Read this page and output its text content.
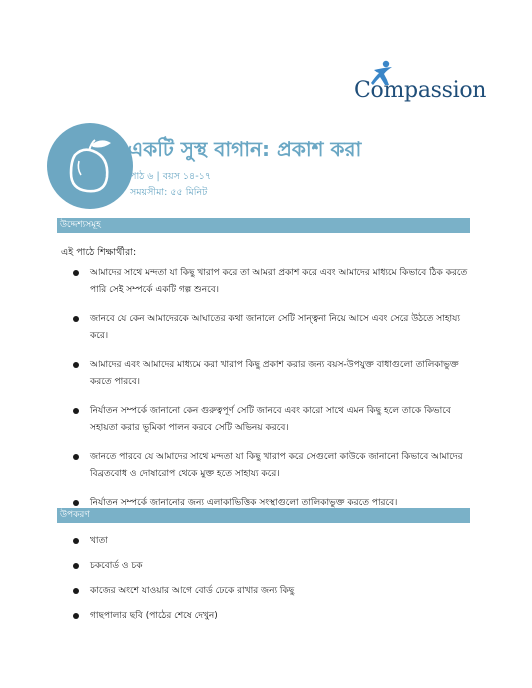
Compassion
একটি সুস্থ বাগান: প্রকাশ করা
পাঠ ৬ | বয়স ১৪-১৭
সময়সীমা: ৫৫ মিনিট
উদ্দেশ্যসমূহ
এই পাঠে শিক্ষার্থীরা:
আমাদের সাথে মন্দতা যা কিছু খারাপ করে তা আমরা প্রকাশ করে এবং আমাদের মাধ্যমে কিভাবে ঠিক করতে পারি সেই সম্পর্কে একটি গল্প শুনবে।
জানবে যে কেন আমাদেরকে আঘাতের কথা জানালে সেটি সান্ত্বনা নিয়ে আসে এবং সেরে উঠতে সাহায্য করে।
আমাদের এবং আমাদের মাধ্যমে করা খারাপ কিছু প্রকাশ করার জন্য বয়স-উপযুক্ত বাধাগুলো তালিকাভুক্ত করতে পারবে।
নির্যাতন সম্পর্কে জানানো কেন গুরুত্বপূর্ণ সেটি জানবে এবং কারো সাথে এমন কিছু হলে তাকে কিভাবে সহায়তা করার ভূমিকা পালন করবে সেটি অভিনয় করবে।
জানতে পারবে যে আমাদের সাথে মন্দতা যা কিছু খারাপ করে সেগুলো কাউকে জানানো কিভাবে আমাদের বিব্রতবোধ ও দোষারোপ থেকে মুক্ত হতে সাহায্য করে।
নির্যাতন সম্পর্কে জানানোর জন্য এলাকাভিত্তিক সংস্থাগুলো তালিকাভুক্ত করতে পারবে।
উপকরণ
খাতা
চকবোর্ড ও চক
কাজের অংশে যাওয়ার আগে বোর্ড ঢেকে রাখার জন্য কিছু
গাছপালার ছবি (পাঠের শেষে দেখুন)
